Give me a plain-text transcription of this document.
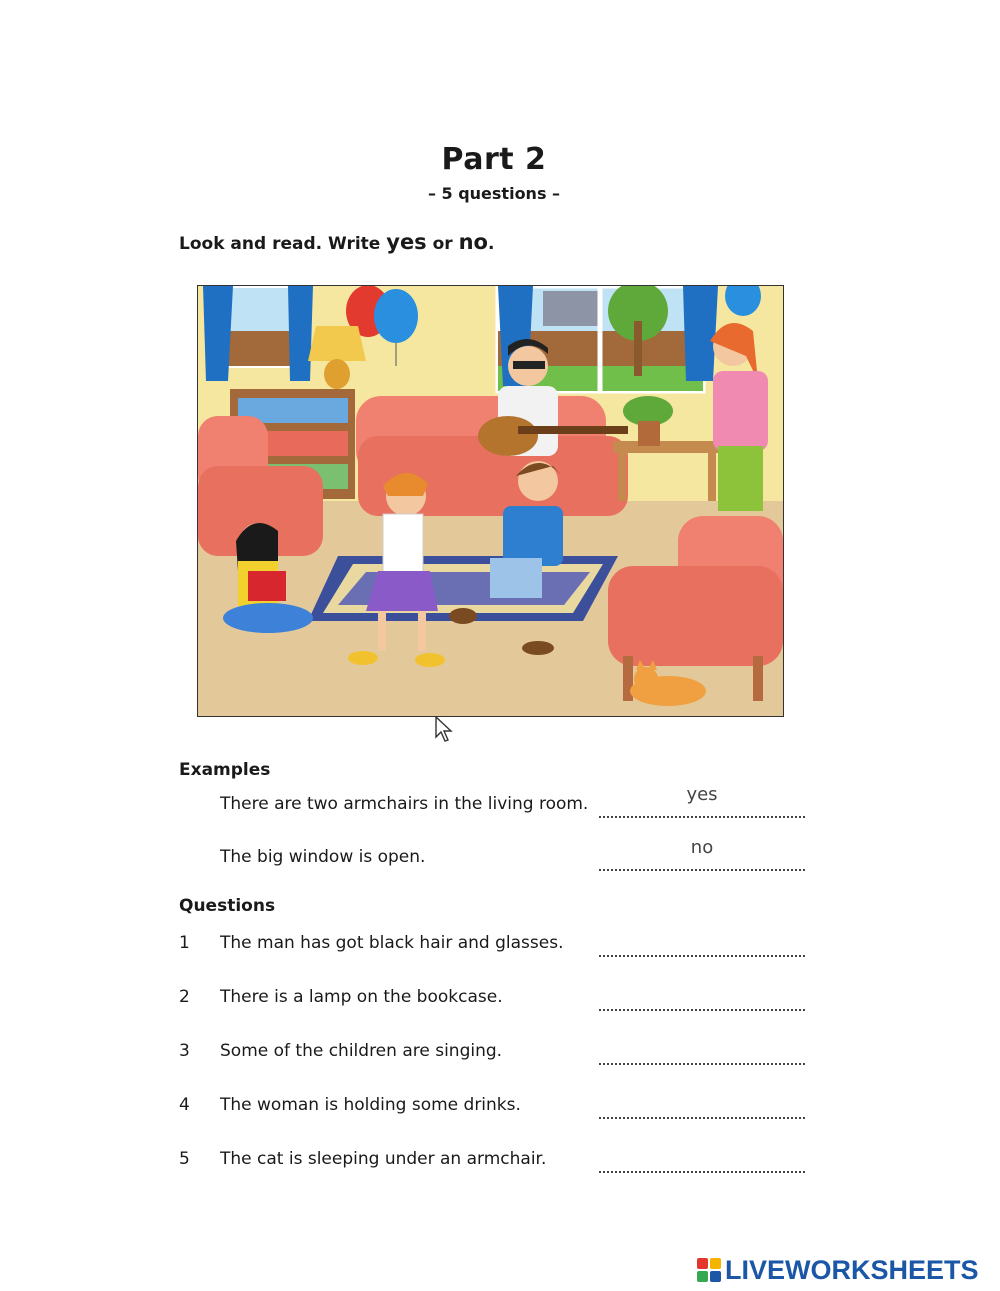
Part 2
– 5 questions –
Look and read. Write yes or no.
Examples
There are two armchairs in the living room.	yes
The big window is open.	no
Questions
1 The man has got black hair and glasses.
2 There is a lamp on the bookcase.
3 Some of the children are singing.
4 The woman is holding some drinks.
5 The cat is sleeping under an armchair.
LIVEWORKSHEETS
